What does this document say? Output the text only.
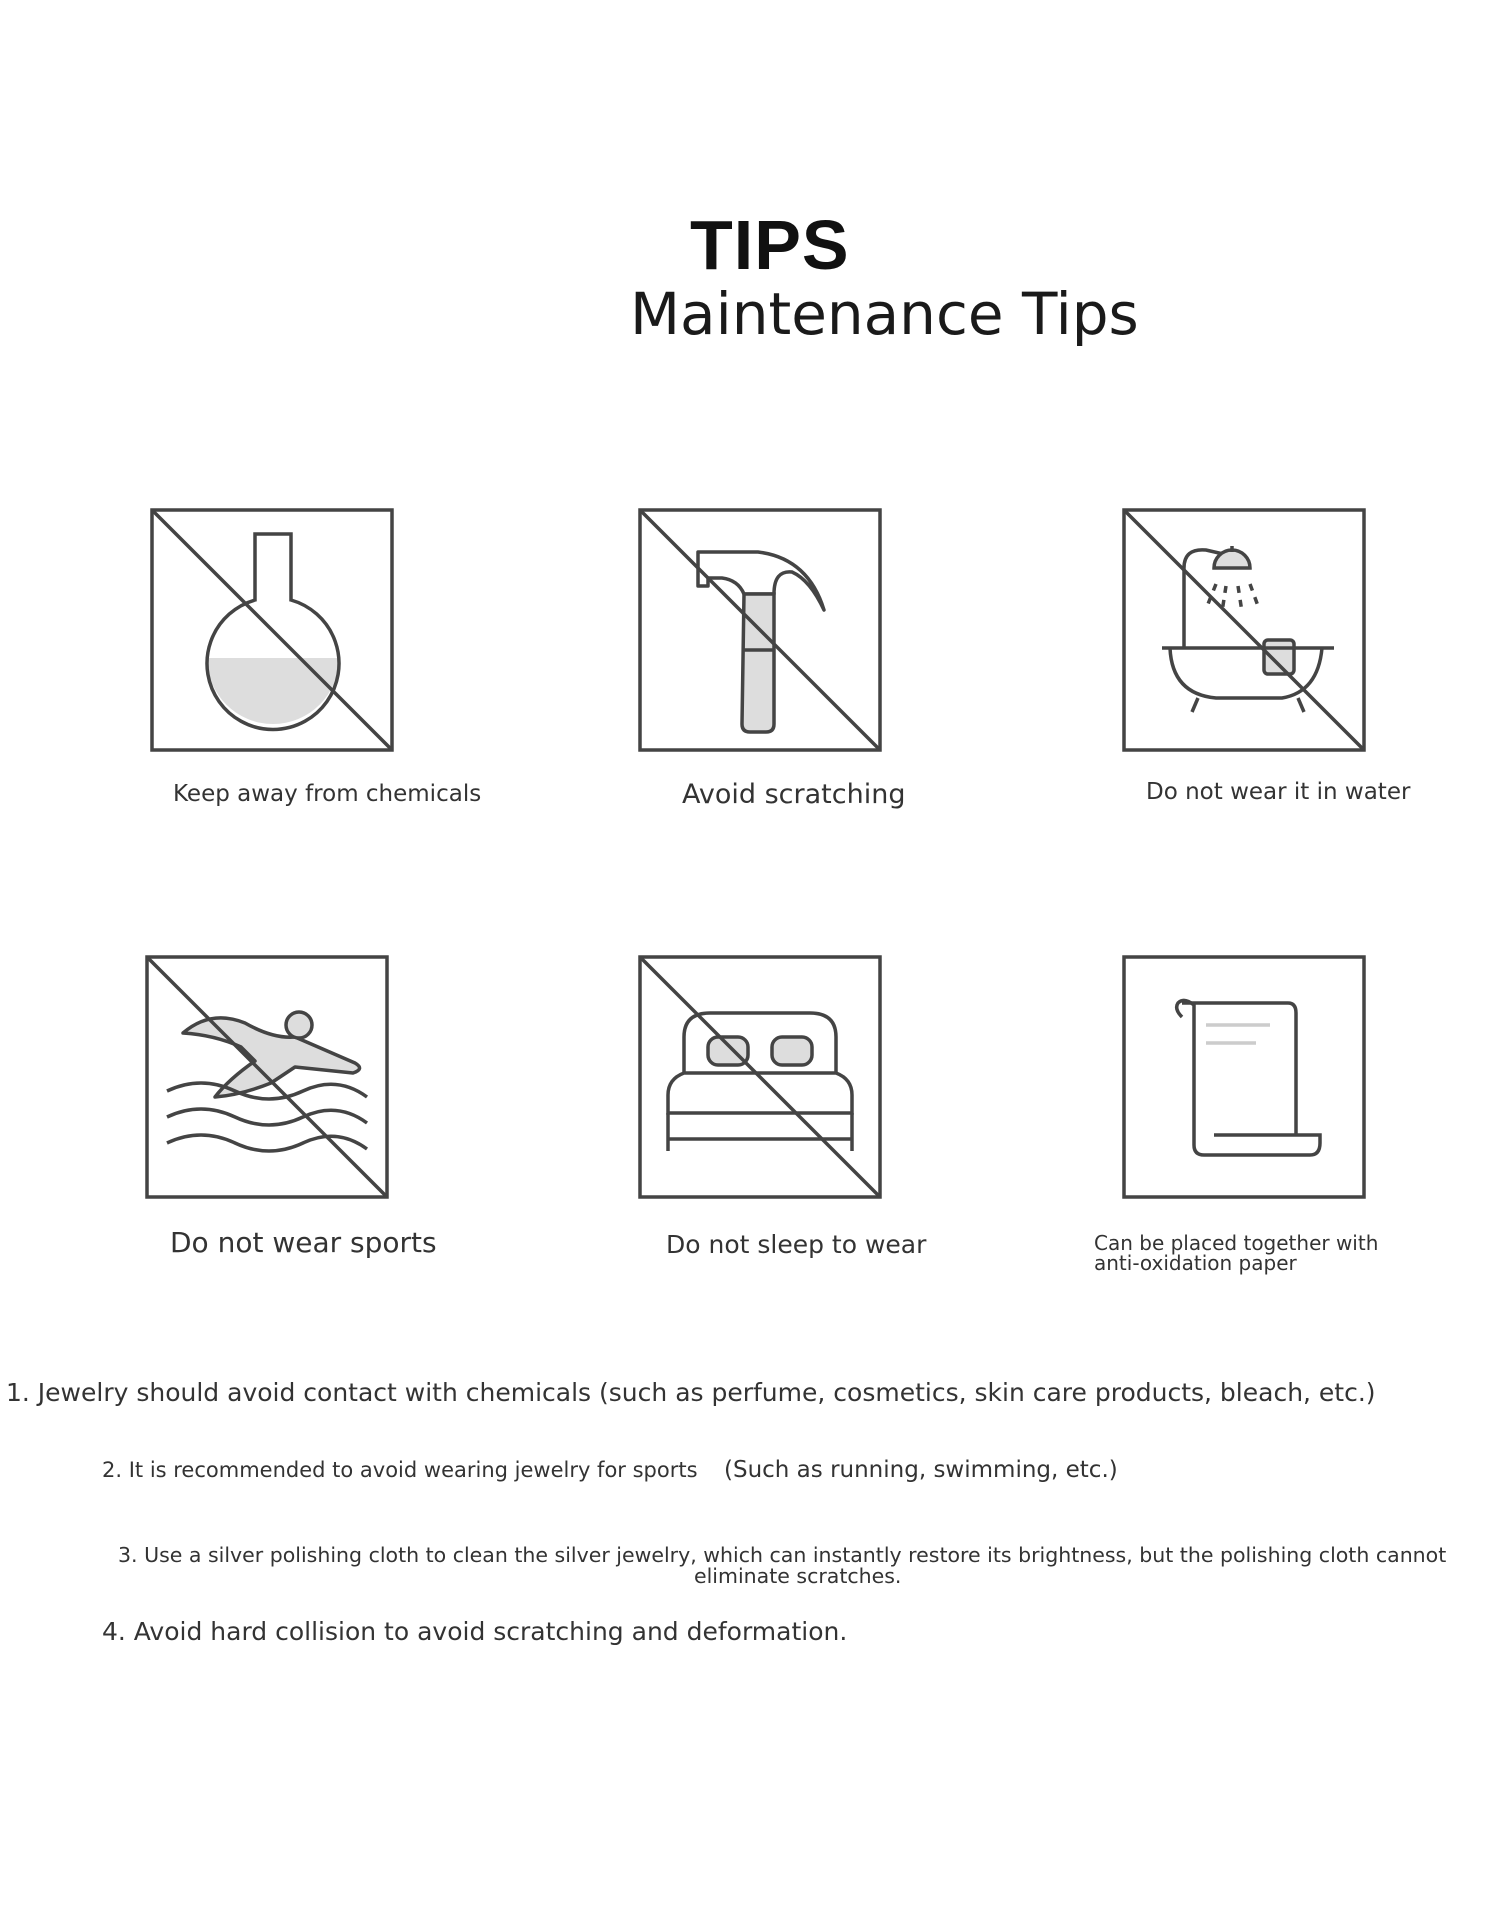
TIPS
Maintenance Tips
Keep away from chemicals	Avoid scratching	Do not wear it in water
Do not wear sports	Do not sleep to wear	Can be placed together with
anti-oxidation paper
1. Jewelry should avoid contact with chemicals (such as perfume, cosmetics, skin care products, bleach, etc.)
2. It is recommended to avoid wearing jewelry for sports (Such as running, swimming, etc.)
3. Use a silver polishing cloth to clean the silver jewelry, which can instantly restore its brightness, but the polishing cloth cannot
eliminate scratches.
4. Avoid hard collision to avoid scratching and deformation.
